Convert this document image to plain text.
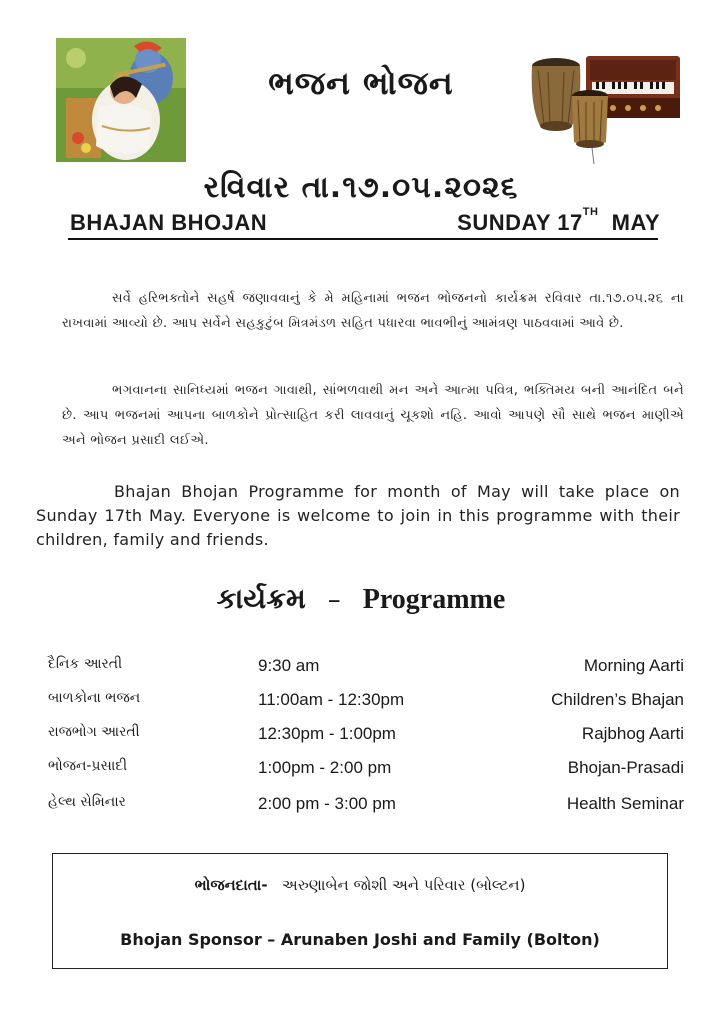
ભજન ભોજન
રવિવાર તા.૧૭.૦૫.૨૦૨૬
BHAJAN BHOJAN	SUNDAY 17TH MAY
સર્વે હરિભક્તોને સહર્ષ જણાવવાનું કે મે મહિનામાં ભજન ભોજનનો કાર્યક્રમ રવિવાર તા.૧૭.૦૫.૨૬ ના રાખવામાં આવ્યો છે. આપ સર્વેને સહકુટુંબ મિત્રમંડળ સહિત પધારવા ભાવભીનું આમંત્રણ પાઠવવામાં આવે છે.
ભગવાનના સાનિધ્યમાં ભજન ગાવાથી, સાંભળવાથી મન અને આત્મા પવિત્ર, ભક્તિમય બની આનંદિત બને છે. આપ ભજનમાં આપના બાળકોને પ્રોત્સાહિત કરી લાવવાનું ચૂકશો નહિ. આવો આપણે સૌ સાથે ભજન માણીએ અને ભોજન પ્રસાદી લઈએ.
Bhajan Bhojan Programme for month of May will take place on Sunday 17th May. Everyone is welcome to join in this programme with their children, family and friends.
કાર્યક્રમ – Programme
દૈનિક આરતી	9:30 am	Morning Aarti
બાળકોના ભજન	11:00am - 12:30pm	Children’s Bhajan
રાજભોગ આરતી	12:30pm - 1:00pm	Rajbhog Aarti
ભોજન-પ્રસાદી	1:00pm - 2:00 pm	Bhojan-Prasadi
હેલ્થ સેમિનાર	2:00 pm - 3:00 pm	Health Seminar
ભોજનદાતા- અરુણાબેન જોશી અને પરિવાર (બોલ્ટન)
Bhojan Sponsor – Arunaben Joshi and Family (Bolton)
